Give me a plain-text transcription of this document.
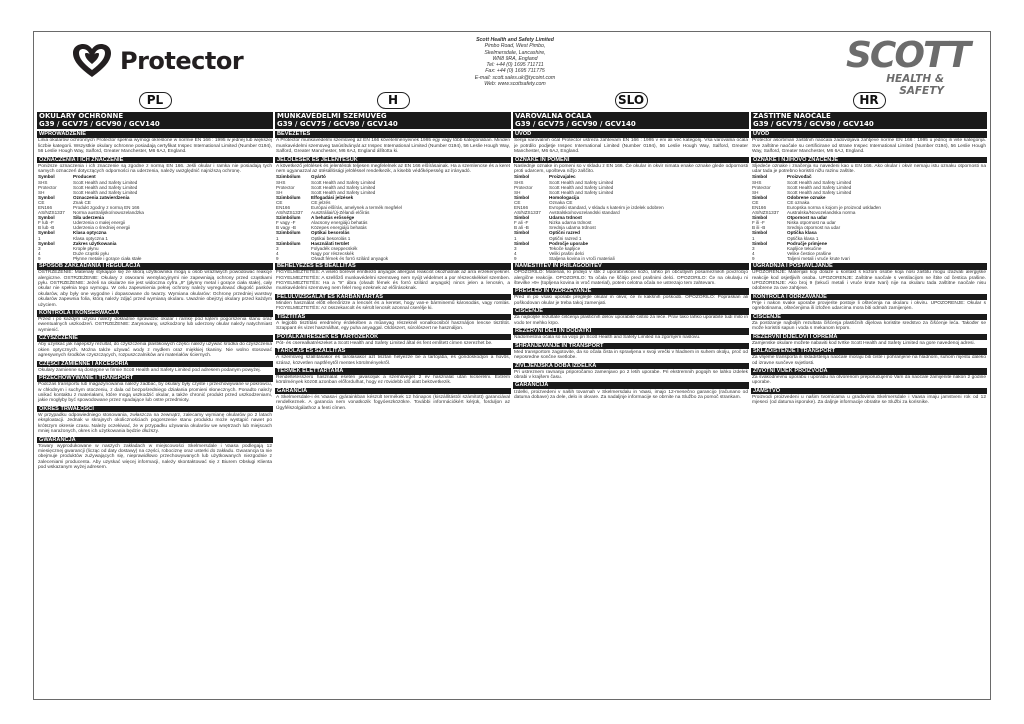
Protector
Scott Health and Safety Limited
Pimbo Road, West Pimbo,
Skelmersdale, Lancashire,
WN8 9RA, England
Tel: +44 (0) 1695 711711
Fax: +44 (0) 1695 711775
E-mail: scott.sales.uk@tycoint.com
Web: www.scottsafety.com
SCOTT
HEALTH & SAFETY
PL
OKULARY OCHRONNE
G39 / GCV75 / GCV90 / GCV140
WPROWADZENIE
Linia okularów ochronnych Protector spełnia wymogi określone w normie EN 166 : 1995 w jednej lub większej liczbie kategorii. Wszystkie okulary ochronne posiadają certyfikat Inspec International Limited (Number 0194), 56 Leslie Hough Way, Salford, Greater Manchester, M6 6AJ, England.
OZNACZENIA I ICH ZNACZENIE
Poniższe oznaczenia i ich znaczenie są zgodne z normą EN 166. Jeśli okular i ramka nie posiadają tych samych oznaczeń dotyczących odporności na uderzenia, należy uwzględnić najniższą ochronę.
Symbol	Producent
SHS	Scott Health and Safety Limited
Protector	Scott Health and Safety Limited
SH	Scott Health and Safety Limited
Symbol	Oznaczenia zatwierdzenia
CE	Znak CE
EN166	Produkt zgodny z normą EN 166
AS/NZS1337	Norma australijsko/nowozelandzka
Symbol	Siła uderzenia
F lub -F	Uderzenia o małej energii
B lub -B	Uderzenia o średniej energii
Symbol	Klasa optyczna
1	Klasa optyczna 1
Symbol	Zakres użytkowania
3	Krople płynu
4	Duże cząstki pyłu
9	Płynne metale i gorące ciała stałe
SPOSÓB ZAKŁADANIA I REGULACJA
OSTRZEŻENIE: Materiały stykające się ze skórą użytkownika mogą u osób wrażliwych powodować reakcje alergiczne. OSTRZEŻENIE: Okulary z otworami wentylacyjnymi nie zapewniają ochrony przed cząstkami pyłu. OSTRZEŻENIE: Jeżeli na okularze nie jest widoczna cyfra „9” (płynny metal i gorące ciała stałe), cały okular nie spełnia tego wymogu. W celu zapewnienia pełnej ochrony należy wyregulować długość pasków okularów, aby były one wygodne i dopasowane do twarzy. Wymiana okularów: Ochronę przedniej warstwy okularów zapewnia folia, którą należy zdjąć przed wymianą okularu. Uważnie obejrzyj okulary przed każdym użyciem.
KONTROLA I KONSERWACJA
Przed i po każdym użyciu należy dokładnie sprawdzić okular i ramkę pod kątem pogorszenia stanu oraz ewentualnych uszkodzeń. OSTRZEŻENIE: Zarysowany, uszkodzony lub uderzony okular należy natychmiast wymienić.
CZYSZCZENIE
Aby uzyskać jak najlepszy rezultat, do czyszczenia plastikowych części należy używać środka do czyszczenia okien optycznych. Można także używać wody z mydłem oraz miękkiej tkaniny. Nie wolno stosować agresywnych środków czyszczących, rozpuszczalników ani materiałów ściernych.
CZĘŚCI ZAMIENNE I AKCESORIA
Okulary zamienne są dostępne w firmie Scott Health and Safety Limited pod adresem podanym powyżej.
PRZECHOWYWANIE I TRANSPORT
Podczas transportu lub magazynowania należy zadbać, by okulary były czyste i przechowywane w pokrowcu, w chłodnym i suchym otoczeniu, z dala od bezpośredniego działania promieni słonecznych. Ponadto należy unikać kontaktu z materiałami, które mogą uszkodzić okular, a także chronić produkt przed uszkodzeniami, jakie mogłyby być spowodowane przez spadające lub ostre przedmioty.
OKRES TRWAŁOŚCI
W przypadku odpowiedniego stosowania, zwłaszcza na zewnątrz, zalecamy wymianę okularów po 2 latach eksploatacji. Jednak w skrajnych okolicznościach pogorszenie stanu produktu może wystąpić nawet po krótszym okresie czasu. Należy oczekiwać, że w przypadku używania okularów we wnętrzach lub miejscach mniej narażonych, okres ich użytkowania będzie dłuższy.
GWARANCJA
Towary wyprodukowane w naszych zakładach w miejscowości Skelmersdale i Vaasa podlegają 12 miesięcznej gwarancji (licząc od daty dostawy) na części, robociznę oraz usterki do zakładu. Gwarancja ta nie obejmuje produktów zużywających się, nieprawidłowo przechowywanych lub użytkowanych niezgodnie z zaleceniami producenta. Aby uzyskać więcej informacji, należy skontaktować się z Biurem Obsługi Klienta pod wskazanym wyżej adresem.
H
MUNKAVÉDELMI SZEMÜVEG
G39 / GCV75 / GCV90 / GCV140
BEVEZETÉS
A Protector munkavédelmi szemüveg az EN 166 követelményeinek 1995 egy vagy több kategóriában. Minden munkavédelmi szemüveg tanúsítványát az Inspec International Limited (Number 0194), 56 Leslie Hough Way, Salford, Greater Manchester, M6 6AJ, England állította ki.
JELÖLÉSEK ÉS JELENTÉSÜK
A következő jelölések és jelentésük teljesen megfelelnek az EN 166 előírásainak. Ha a szemlencse és a keret nem ugyanazzal az ütésállósági jelöléssel rendelkezik, a kisebb védőképesség az irányadó.
Szimbólum	Gyártó
SHS	Scott Health and Safety Limited
Protector	Scott Health and Safety Limited
SH	Scott Health and Safety Limited
Szimbólum	Elfogadási jelzések
CE	CE jelzés
EN166	Európai előírás, amelynek a termék megfelel
AS/NZS1337	Ausztráliai/Új-Zélandi előírás
Szimbólum	A behatás erőssége
F vagy -F	Alacsony energiájú behatás
B vagy -B	Közepes energiájú behatás
Szimbólum	Optikai besorolás
1	Optikai besorolás 1
Szimbólum	Használati terület
3	Folyadék cseppecskék
4	Nagy por részecskék
9	Olvadt fémek és forró szilárd anyagok
BEHELYEZÉS ÉS BEÁLLÍTÁS
FIGYELMEZTETÉS: A viselő bőrével érintkező anyagok allergiás reakciót okozhatnak az arra érzékenyeknél. FIGYELMEZTETÉS: A szellőző munkavédelmi szemüveg nem nyújt védelmet a por részecskékkel szemben. FIGYELMEZTETÉS: Ha a “9” ábra (olvadt fémek és forró szilárd anyagok) nincs jelen a lencsén, a munkavédelmi szemüveg nem felel meg ezeknek az előírásoknak.
FELÜLVIZSGÁLAT ÉS KARBANTARTÁS
Minden használat előtt ellenőrizze a lencsét és a keretet, hogy van-e bárminemű károsodás, vagy romlás. FIGYELMEZTETÉS: Az összekarcolt és sérült lencsét azonnal cserélje ki.
TISZTÍTÁS
A legjobb tisztítási eredmény érdekében a műanyag részeknél vonalkocsiból használjon lencse tisztítót. Szappant és vizet használhat, egy puha anyaggal. Oldószert, súrolószert ne használjon.
PÓTALKATRÉSZEK ÉS TARTOZÉKOK
Pót- és cserealkatrészeket a Scott Health and Safety Limited által és fent említett címen szerezhet be.
TÁROLÁS ÉS SZÁLLÍTÁS
A szemüveg szállításakor és tárolásakor azt tisztán helyezze be a tartójába, és gondoskodjon a hűvös, száraz, közvetlen naptfénytől mentes körülményekről.
TERMÉK ÉLETTARTAMA
Rendeltetésszerű használat esetén javasoljuk a szemüveget 2 év használat után kicserélni. Extrém körülmények között azonban előfordulhat, hogy ez rövidebb idő alatt bekövetkezik.
GARANCIA
A Skelmersdale-i és Vaasa-i gyárainkban készült termékek 12 hónapos (kiszállítástól számított) garanciával rendelkeznek. A garancia nem vonatkozik fogyóeszközökre. További információkért kérjük, forduljon az Ügyfélszolgálathoz a fenti címen.
SLO
VAROVALNA OČALA
G39 / GCV75 / GCV90 / GCV140
UVOD
Serija varovalnih očal Protector ustreza zahtevam EN 166 : 1995 v eni ali več kategorij. Vsa varovalna očala je potrdilo podjetje Inspec International Limited (Number 0194), 56 Leslie Hough Way, Salford, Greater Manchester, M6 6AJ, England.
OZNAKE IN POMENI
Naslednje oznake in pomeni so v skladu z EN 166. Če okular in okvir nimata enake oznake glede odpornosti proti udarcem, upošteva nižjo zaščito.
Simbol	Proizvajalec
SHS	Scott Health and Safety Limited
Protector	Scott Health and Safety Limited
SH	Scott Health and Safety Limited
Simbol	Homologacija
CE	Oznaka CE
EN166	Evropski standard, v skladu s katerim je izdelek odobren
AS/NZS1337	Avstralsko/novozelandski standard
Simbol	Udarna trdnost
F ali -F	Nizka udarna trdnost
B ali -B	Srednja udarna trdnost
Simbol	Optični razred
1	Optični razred 1
Simbol	Področje uporabe
3	Tekoče kapljice
4	Veliki prašni delci
9	Staljena kovina in vroči materiali
NAMESTITEV IN PRILAGODITEV
OPOZORILO: Materiali, ki pridejo v stik z uporabnikovo kožo, lahko pri občutljivih posameznikih povzročijo alergične reakcije. OPOZORILO: Ta očala ne ščitijo pred prašnimi delci. OPOZORILO: Če na okularju ni številke »9« (topljena kovina in vroč material), potem celotna očala ne ustrezajo tem zahtevam.
PREGLED IN VZDRŽEVANJE
Pred in po vsaki uporabi preglejte okular in okvir, če ni kakšnih poškodb. OPOZORILO: Popraskan ali poškodovan okular je treba takoj zamenjati.
ČIŠČENJE
Za najboljše rezultate čiščenja plastičnih delov uporabite čistilo za leče. Prav tako lahko uporabite tudi milo in vodo ter mehko krpo.
REZERVNI DELI IN DODATKI
Nadomestna očala so na voljo pri Scott Health and Safety Limited na zgornjem naslovu.
SHRANJEVANJE IN TRANSPORT
Med transportom zagotovite, da so očala čista in spravljena v svoji vrečki v hladnem in suhem okolju, proč od neposredne sončne svetlobe.
ŽIVLJENJSKA DOBA IZDELKA
Pri ustreznem ravnanju priporočamo zamenjavo po 2 letih uporabe. Pri ekstremnih pogojih se lahko izdelek obrabi v krajšem času.
GARANCIJA
Izdelki, proizvedeni v naših tovarnah v Skelmersdalu in Vaasi, imajo 12-mesečno garancijo (računano od datuma dobave) za dele, delo in okvare. Za nadaljnje informacije se obrnite na Službo za pomoč strankam.
HR
ZAŠTITNE NAOČALE
G39 / GCV75 / GCV90 / GCV140
UVOD
Protector asortiman zaštitnih naočala zadovoljava zahtjeve norme EN 166 : 1995 u jednoj ili više kategorija. Sve zaštitne naočale su certificirane od strane Inspec International Limited (Number 0194), 56 Leslie Hough Way, Salford, Greater Manchester, M6 6AJ, England.
OZNAKE I NJIHOVO ZNAČENJE
Sljedeće oznake i značenja su navedeni kao u EN 166. Ako okular i okvir nemaju istu oznaku otpornosti na udar tada je potrebno koristiti nižu razinu zaštite.
Simbol	Proizvođač
SHS	Scott Health and Safety Limited
Protector	Scott Health and Safety Limited
SH	Scott Health and Safety Limited
Simbol	Odobrene oznake
CE	CE oznaka
EN166	Europska norma s kojom je proizvod usklađen
AS/NZS1337	Australska/Novozelandska norma
Simbol	Otpornost na udar
F ili -F	Niska otpornost na udar
B ili -B	Srednja otpornost na udar
Simbol	Optička klasa
1	Optička klasa 1
Simbol	Područje primjene
3	Kapljice tekućine
4	Velike čestice prašine
9	Taljeni metali i vruće krute tvari
UGRADNJA I POSTAVLJANJE
UPOZORENJE: Materijali koji dolaze u kontakt s kožom osobe koja nosi zaštitu mogu izazvati alergijske reakcije kod osjetljivih osoba. UPOZORENJE: Zaštitne naočale s ventilacijom ne štite od čestica prašine. UPOZORENJE: Ako broj 9 (tekući metali i vruće krute tvari) nije na okularu tada zaštitne naočale nisu odobrene za ove zahtjeve.
KONTROLA I ODRŽAVANJE
Prije i nakon svake uporabe provjerite postoje li oštećenja na okularu i okviru. UPOZORENJE: Okular s ogrebotinama, oštećenjima ili izložen udarcima mora biti odmah zamijenjen.
ČIŠĆENJE
Za postizanje najboljih rezultata čišćenja plastičnih dijelova koristite sredstvo za čišćenje leća. Također se može koristiti sapun i voda s mekanom krpom.
REZERVNI DIJELOVI I OPREMA
Zamjenske okulare možete nabaviti kod tvrtke Scott Health and Safety Limited na gore navedenoj adresi.
SKLADIŠTENJE I TRANSPORT
Za vrijeme transporta ili skladištenja naočale moraju biti čiste i pohranjene na hladnom, suhom mjestu daleko od izravne sunčeve svjetlosti.
ŽIVOTNI VIJEK PROIZVODA
Za svakodnevnu uporabu i uporabu na otvorenom preporučujemo Vam da naočale zamijenite nakon 2 godine uporabe.
JAMSTVO
Proizvodi proizvedeni u našim tvornicama u gradovima Skelmersdale i Vaasa imaju jamstveni rok od 12 mjeseci (od datuma isporuke). Za daljnje informacije obratite se Službi za korisnike.
